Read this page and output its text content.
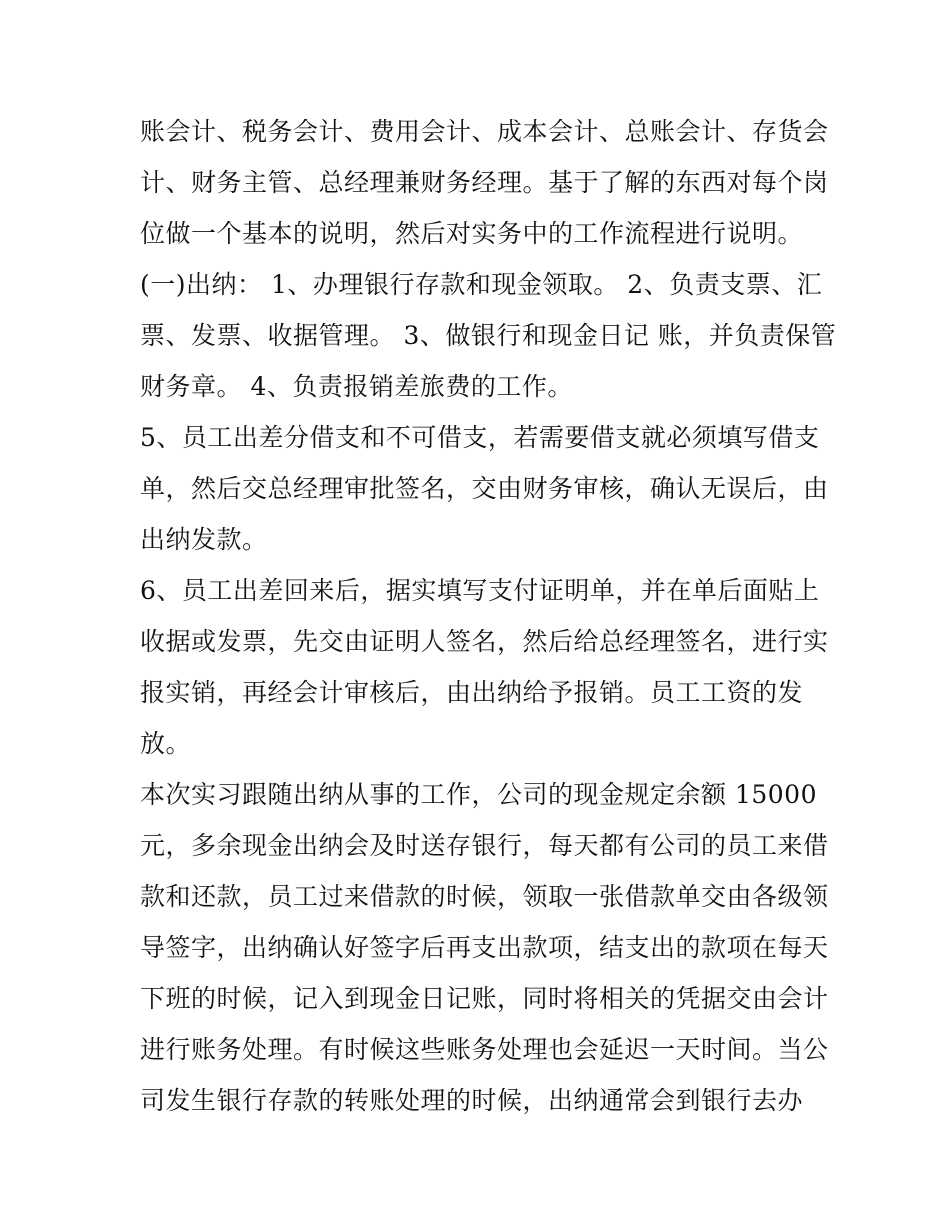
账会计、税务会计、费用会计、成本会计、总账会计、存货会
计、财务主管、总经理兼财务经理。基于了解的东西对每个岗
位做一个基本的说明，然后对实务中的工作流程进行说明。
(一)出纳： 1、办理银行存款和现金领取。 2、负责支票、汇
票、发票、收据管理。 3、做银行和现金日记 账，并负责保管
财务章。 4、负责报销差旅费的工作。
5、员工出差分借支和不可借支，若需要借支就必须填写借支
单，然后交总经理审批签名，交由财务审核，确认无误后，由
出纳发款。
6、员工出差回来后，据实填写支付证明单，并在单后面贴上
收据或发票，先交由证明人签名，然后给总经理签名，进行实
报实销，再经会计审核后，由出纳给予报销。员工工资的发
放。
本次实习跟随出纳从事的工作，公司的现金规定余额 15000
元，多余现金出纳会及时送存银行，每天都有公司的员工来借
款和还款，员工过来借款的时候，领取一张借款单交由各级领
导签字，出纳确认好签字后再支出款项，结支出的款项在每天
下班的时候，记入到现金日记账，同时将相关的凭据交由会计
进行账务处理。有时候这些账务处理也会延迟一天时间。当公
司发生银行存款的转账处理的时候，出纳通常会到银行去办
